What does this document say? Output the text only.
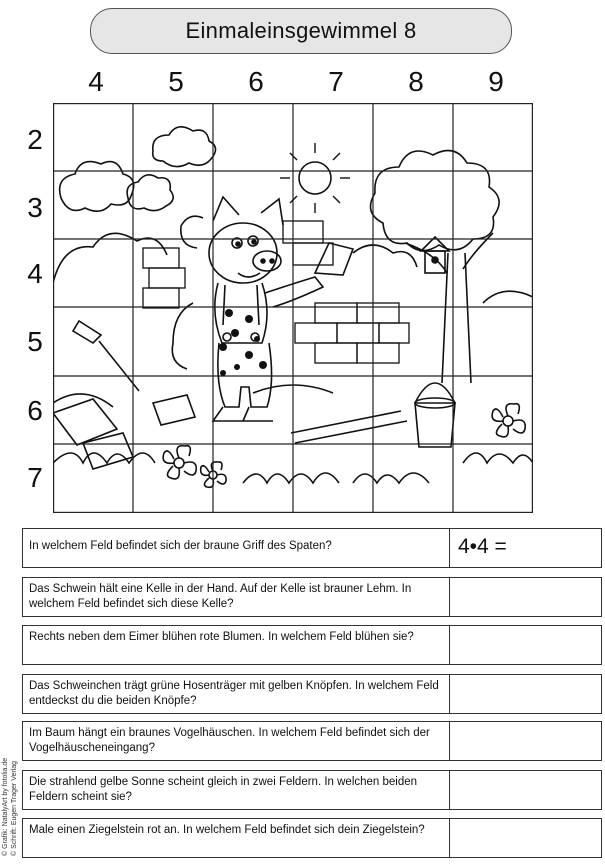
Einmaleinsgewimmel 8
4	5	6	7	8	9
2
3
4
5
6
7
In welchem Feld befindet sich der braune Griff des Spaten?	4•4 =
Das Schwein hält eine Kelle in der Hand. Auf der Kelle ist brauner Lehm. In welchem Feld befindet sich diese Kelle?
Rechts neben dem Eimer blühen rote Blumen. In welchem Feld blühen sie?
Das Schweinchen trägt grüne Hosenträger mit gelben Knöpfen. In welchem Feld entdeckst du die beiden Knöpfe?
Im Baum hängt ein braunes Vogelhäuschen. In welchem Feld befindet sich der Vogelhäuscheneingang?
Die strahlend gelbe Sonne scheint gleich in zwei Feldern. In welchen beiden Feldern scheint sie?
Male einen Ziegelstein rot an. In welchem Feld befindet sich dein Ziegelstein?
© Grafik: NatalyArt by fotolia.de © Schrift: Eugen Trager Verlag
